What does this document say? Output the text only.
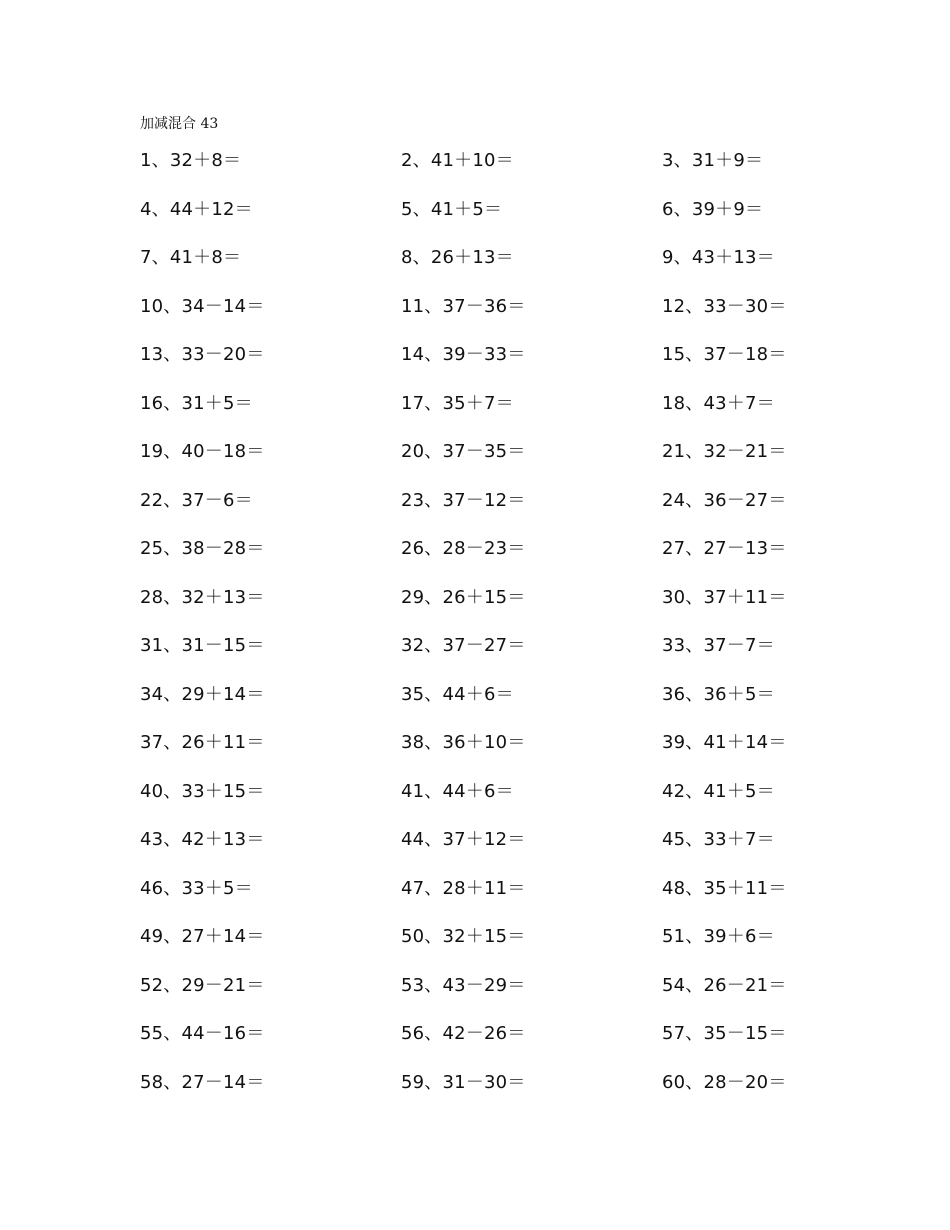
加减混合 43
1、32＋8＝	2、41＋10＝	3、31＋9＝
4、44＋12＝	5、41＋5＝	6、39＋9＝
7、41＋8＝	8、26＋13＝	9、43＋13＝
10、34－14＝	11、37－36＝	12、33－30＝
13、33－20＝	14、39－33＝	15、37－18＝
16、31＋5＝	17、35＋7＝	18、43＋7＝
19、40－18＝	20、37－35＝	21、32－21＝
22、37－6＝	23、37－12＝	24、36－27＝
25、38－28＝	26、28－23＝	27、27－13＝
28、32＋13＝	29、26＋15＝	30、37＋11＝
31、31－15＝	32、37－27＝	33、37－7＝
34、29＋14＝	35、44＋6＝	36、36＋5＝
37、26＋11＝	38、36＋10＝	39、41＋14＝
40、33＋15＝	41、44＋6＝	42、41＋5＝
43、42＋13＝	44、37＋12＝	45、33＋7＝
46、33＋5＝	47、28＋11＝	48、35＋11＝
49、27＋14＝	50、32＋15＝	51、39＋6＝
52、29－21＝	53、43－29＝	54、26－21＝
55、44－16＝	56、42－26＝	57、35－15＝
58、27－14＝	59、31－30＝	60、28－20＝
